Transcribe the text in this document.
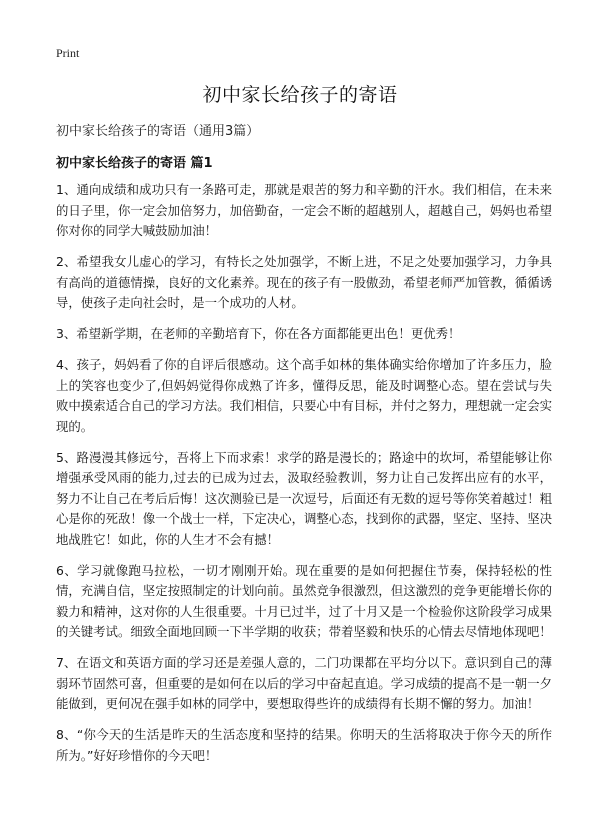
Print
初中家长给孩子的寄语
初中家长给孩子的寄语（通用3篇）
初中家长给孩子的寄语 篇1

1、通向成绩和成功只有一条路可走，那就是艰苦的努力和辛勤的汗水。我们相信，在未来的日子里，你一定会加倍努力，加倍勤奋，一定会不断的超越别人，超越自己，妈妈也希望你对你的同学大喊鼓励加油！

2、希望我女儿虚心的学习，有特长之处加强学，不断上进，不足之处要加强学习，力争具有高尚的道德情操，良好的文化素养。现在的孩子有一股傲劲，希望老师严加管教，循循诱导，使孩子走向社会时，是一个成功的人材。

3、希望新学期，在老师的辛勤培育下，你在各方面都能更出色！更优秀！

4、孩子，妈妈看了你的自评后很感动。这个高手如林的集体确实给你增加了许多压力，脸上的笑容也变少了,但妈妈觉得你成熟了许多，懂得反思，能及时调整心态。望在尝试与失败中摸索适合自己的学习方法。我们相信，只要心中有目标，并付之努力，理想就一定会实现的。

5、路漫漫其修远兮，吾将上下而求索！求学的路是漫长的；路途中的坎坷，希望能够让你增强承受风雨的能力,过去的已成为过去，汲取经验教训，努力让自己发挥出应有的水平，努力不让自己在考后后悔！这次测验已是一次逗号，后面还有无数的逗号等你笑着越过！粗心是你的死敌！像一个战士一样，下定决心，调整心态，找到你的武器，坚定、坚持、坚决地战胜它！如此，你的人生才不会有撼！

6、学习就像跑马拉松，一切才刚刚开始。现在重要的是如何把握住节奏，保持轻松的性情，充满自信，坚定按照制定的计划向前。虽然竞争很激烈，但这激烈的竞争更能增长你的毅力和精神，这对你的人生很重要。十月已过半，过了十月又是一个检验你这阶段学习成果的关键考试。细致全面地回顾一下半学期的收获；带着坚毅和快乐的心情去尽情地体现吧！

7、在语文和英语方面的学习还是差强人意的，二门功课都在平均分以下。意识到自己的薄弱环节固然可喜，但重要的是如何在以后的学习中奋起直追。学习成绩的提高不是一朝一夕能做到，更何况在强手如林的同学中，要想取得些许的成绩得有长期不懈的努力。加油！

8、“你今天的生活是昨天的生活态度和坚持的结果。你明天的生活将取决于你今天的所作所为。”好好珍惜你的今天吧！
